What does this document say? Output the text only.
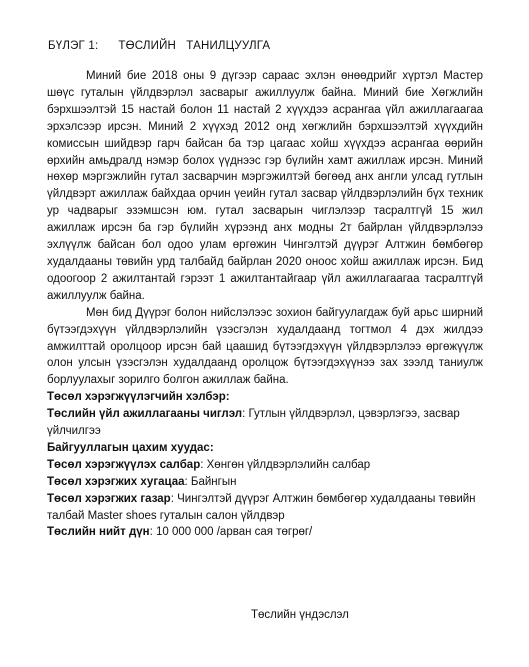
БҮЛЭГ 1: ТӨСЛИЙН   ТАНИЛЦУУЛГА

Миний бие 2018 оны 9 дүгээр сараас эхлэн өнөөдрийг хүртэл Мастер шөүс гуталын үйлдвэрлэл засварыг ажиллуулж байна. Миний бие Хөгжлийн бэрхшээлтэй 15 настай болон 11 настай 2 хүүхдээ асрангаа үйл ажиллагаагаа эрхэлсээр ирсэн. Миний 2 хүүхэд 2012 онд хөгжлийн бэрхшээлтэй хүүхдийн комиссын шийдвэр гарч байсан ба тэр цагаас хойш хүүхдээ асрангаа өөрийн өрхийн амьдралд нэмэр болох үүднээс гэр бүлийн хамт ажиллаж ирсэн. Миний нөхөр мэргэжлийн гутал засварчин мэргэжилтэй бөгөөд анх англи улсад гутлын үйлдвэрт ажиллаж байхдаа орчин үеийн гутал засвар үйлдвэрлэлийн бүх техник ур чадварыг эзэмшсэн юм. гутал засварын чиглэлээр тасралтгүй 15 жил ажиллаж ирсэн ба гэр бүлийн хүрээнд анх модны 2т байрлан үйлдвэрлэлээ эхлүүлж байсан бол одоо улам өргөжин Чингэлтэй дүүрэг Алтжин бөмбөгөр худалдааны төвийн урд талбайд байрлан 2020 оноос хойш ажиллаж ирсэн. Бид одоогоор 2 ажилтантай гэрээт 1 ажилтантайгаар үйл ажиллагаагаа тасралтгүй ажиллуулж байна.

Мөн бид Дүүрэг болон нийслэлээс зохион байгуулагдаж буй арьс ширний бүтээгдэхүүн үйлдвэрлэлийн үзэсгэлэн худалдаанд тогтмол 4 дэх жилдээ амжилттай оролцоор ирсэн бай цаашид бүтээгдэхүүн үйлдвэрлэлээ өргөжүүлж олон улсын үзэсгэлэн худалдаанд оролцож бүтээгдэхүүнээ зах зээлд таниулж борлуулахыг зорилго болгон ажиллаж байна.

Төсөл хэрэгжүүлэгчийн хэлбэр:

Төслийн үйл ажиллагааны чиглэл: Гутлын үйлдвэрлэл, цэвэрлэгээ, засвар үйлчилгээ

Байгууллагын цахим хуудас:

Төсөл хэрэгжүүлэх салбар: Хөнгөн үйлдвэрлэлийн салбар

Төсөл хэрэгжих хугацаа: Байнгын

Төсөл хэрэгжих газар: Чингэлтэй дүүрэг Алтжин бөмбөгөр худалдааны төвийн талбай Master shoes гуталын салон үйлдвэр

Төслийн нийт дүн: 10 000 000 /арван сая төгрөг/

Төслийн үндэслэл
